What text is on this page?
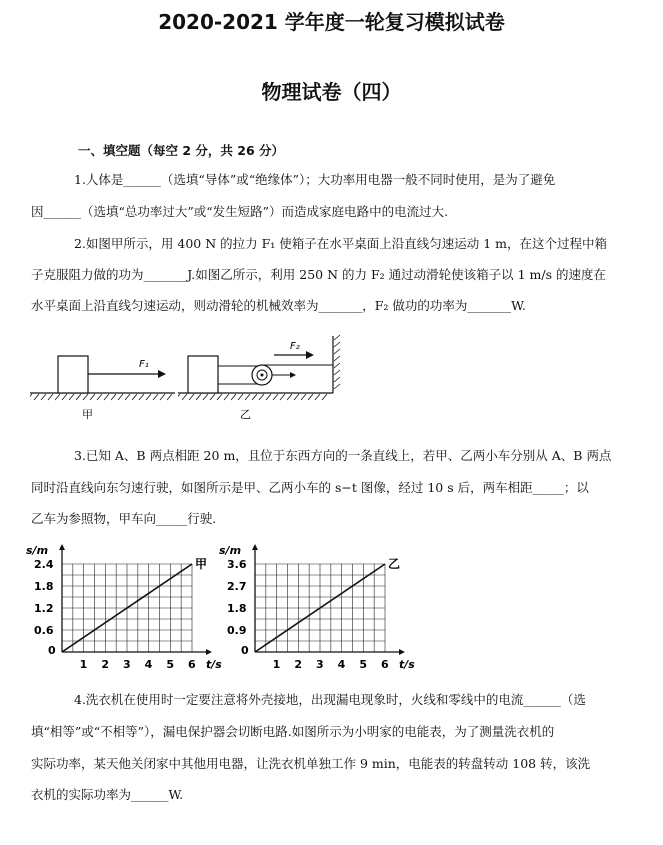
2020-2021 学年度一轮复习模拟试卷
物理试卷（四）
一、填空题（每空 2 分，共 26 分）
1.人体是______（选填“导体”或“绝缘体”）；大功率用电器一般不同时使用，是为了避免
因______（选填“总功率过大”或“发生短路”）而造成家庭电路中的电流过大.
2.如图甲所示，用 400 N 的拉力 F₁ 使箱子在水平桌面上沿直线匀速运动 1 m，在这个过程中箱
子克服阻力做的功为_______J.如图乙所示，利用 250 N 的力 F₂ 通过动滑轮使该箱子以 1 m/s 的速度在
水平桌面上沿直线匀速运动，则动滑轮的机械效率为_______，F₂ 做功的功率为_______W.
F₁
甲
F₂
乙
3.已知 A、B 两点相距 20 m，且位于东西方向的一条直线上，若甲、乙两小车分别从 A、B 两点
同时沿直线向东匀速行驶，如图所示是甲、乙两小车的 s−t 图像，经过 10 s 后，两车相距_____；以
乙车为参照物，甲车向_____行驶.
s/m
t/s
0
1 2 3 4 5 6
0.6
1.2
1.8
2.4	甲
s/m
t/s
0
1 2 3 4 5 6
0.9
1.8
2.7
3.6	乙
4.洗衣机在使用时一定要注意将外壳接地，出现漏电现象时，火线和零线中的电流______（选
填“相等”或“不相等”），漏电保护器会切断电路.如图所示为小明家的电能表，为了测量洗衣机的
实际功率，某天他关闭家中其他用电器，让洗衣机单独工作 9 min，电能表的转盘转动 108 转，该洗
衣机的实际功率为______W.
